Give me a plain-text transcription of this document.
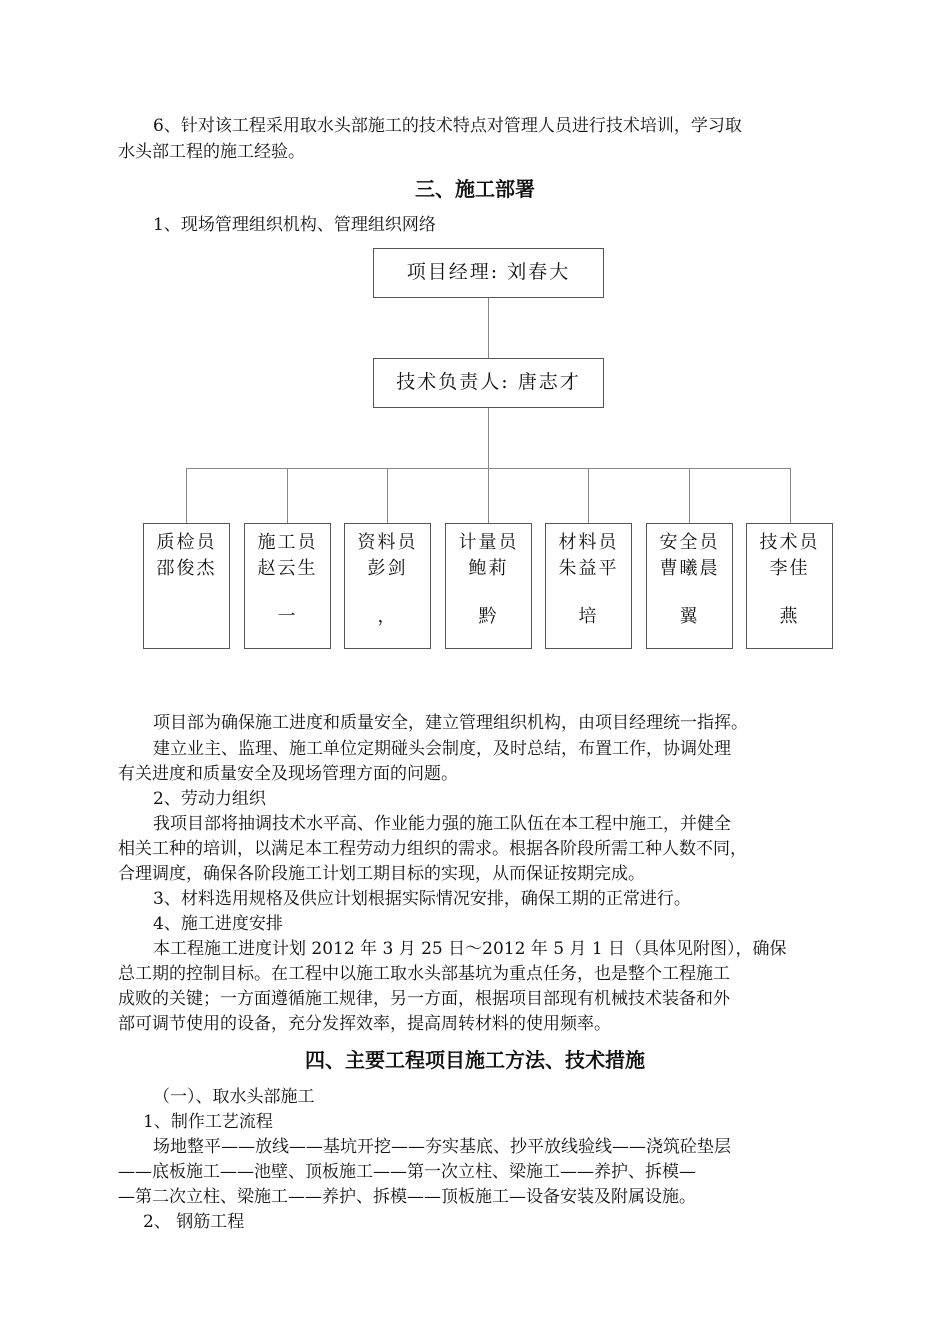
6、针对该工程采用取水头部施工的技术特点对管理人员进行技术培训，学习取
水头部工程的施工经验。
三、施工部署
1、现场管理组织机构、管理组织网络
项目经理: 刘春大
技术负责人: 唐志才
质检员
邵俊杰
施工员
赵云生
一
资料员
彭剑
，
计量员
鲍莉
黔
材料员
朱益平
培
安全员
曹曦晨
翼
技术员
李佳
燕
项目部为确保施工进度和质量安全，建立管理组织机构，由项目经理统一指挥。
建立业主、监理、施工单位定期碰头会制度，及时总结，布置工作，协调处理
有关进度和质量安全及现场管理方面的问题。
2、劳动力组织
我项目部将抽调技术水平高、作业能力强的施工队伍在本工程中施工，并健全
相关工种的培训，以满足本工程劳动力组织的需求。根据各阶段所需工种人数不同，
合理调度，确保各阶段施工计划工期目标的实现，从而保证按期完成。
3、材料选用规格及供应计划根据实际情况安排，确保工期的正常进行。
4、施工进度安排
本工程施工进度计划 2012 年 3 月 25 日～2012 年 5 月 1 日（具体见附图），确保
总工期的控制目标。在工程中以施工取水头部基坑为重点任务，也是整个工程施工
成败的关键；一方面遵循施工规律，另一方面，根据项目部现有机械技术装备和外
部可调节使用的设备，充分发挥效率，提高周转材料的使用频率。
四、主要工程项目施工方法、技术措施
（一）、取水头部施工
1、制作工艺流程
场地整平——放线——基坑开挖——夯实基底、抄平放线验线——浇筑砼垫层
——底板施工——池壁、顶板施工——第一次立柱、梁施工——养护、拆模—
—第二次立柱、梁施工——养护、拆模——顶板施工—设备安装及附属设施。
2、 钢筋工程
